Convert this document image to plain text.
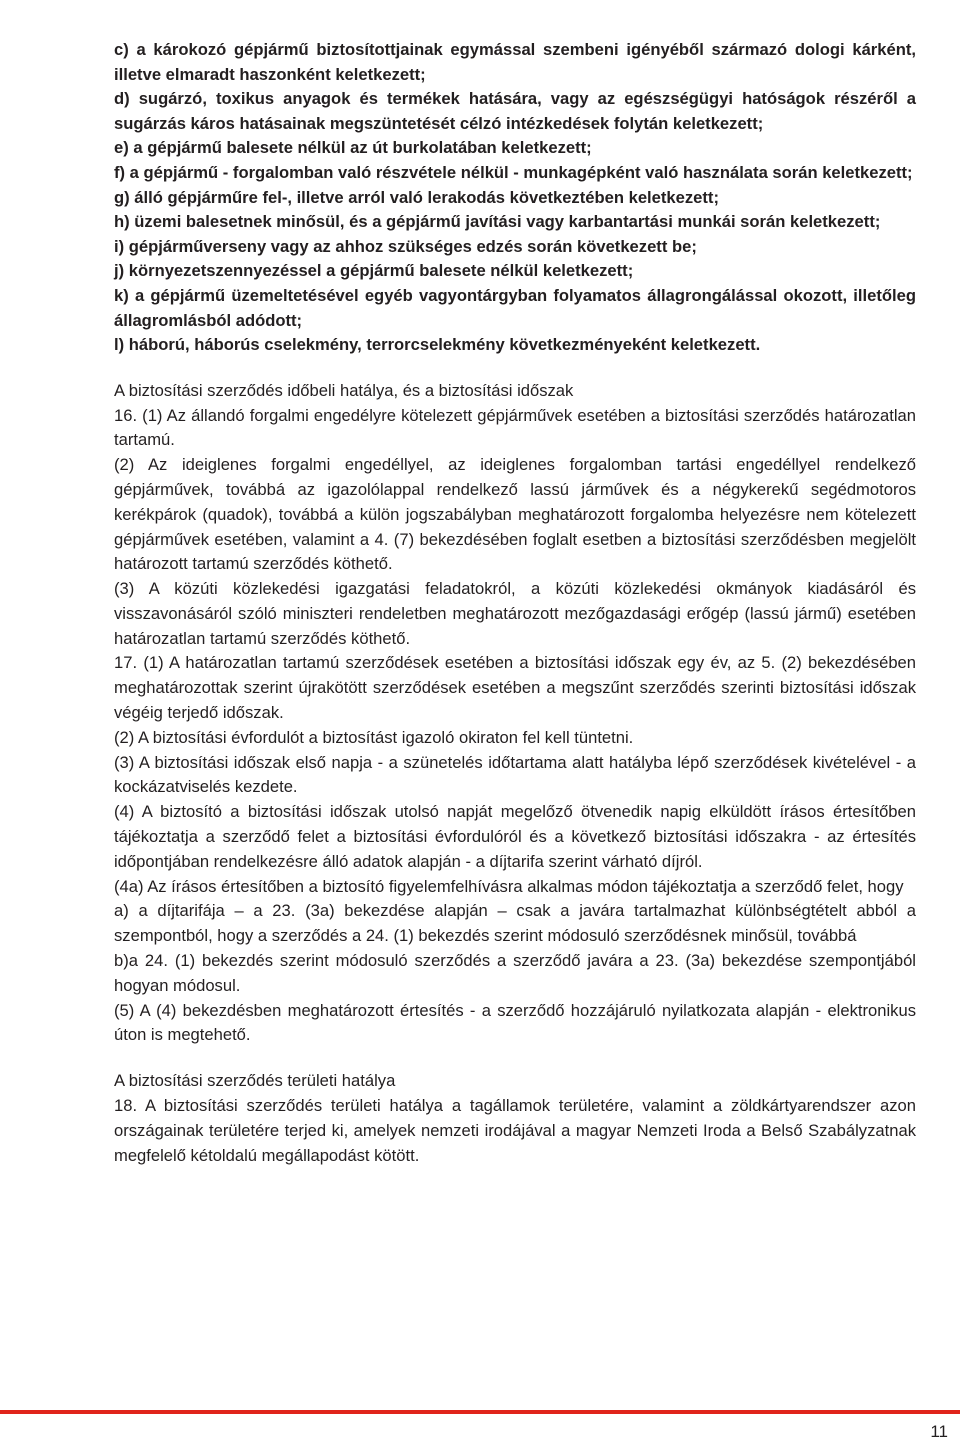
c) a károkozó gépjármű biztosítottjainak egymással szembeni igényéből származó dologi kárként, illetve elmaradt haszonként keletkezett;

d) sugárzó, toxikus anyagok és termékek hatására, vagy az egészségügyi hatóságok részéről a sugárzás káros hatásainak megszüntetését célzó intézkedések folytán keletkezett;

e) a gépjármű balesete nélkül az út burkolatában keletkezett;

f) a gépjármű - forgalomban való részvétele nélkül - munkagépként való használata során keletkezett;

g) álló gépjárműre fel-, illetve arról való lerakodás következtében keletkezett;

h) üzemi balesetnek minősül, és a gépjármű javítási vagy karbantartási munkái során keletkezett;

i) gépjárműverseny vagy az ahhoz szükséges edzés során következett be;

j) környezetszennyezéssel a gépjármű balesete nélkül keletkezett;

k) a gépjármű üzemeltetésével egyéb vagyontárgyban folyamatos állagrongálással okozott, illetőleg állagromlásból adódott;

l) háború, háborús cselekmény, terrorcselekmény következményeként keletkezett.

A biztosítási szerződés időbeli hatálya, és a biztosítási időszak

16. (1) Az állandó forgalmi engedélyre kötelezett gépjárművek esetében a biztosítási szerződés határozatlan tartamú.

(2) Az ideiglenes forgalmi engedéllyel, az ideiglenes forgalomban tartási engedéllyel rendelkező gépjárművek, továbbá az igazolólappal rendelkező lassú járművek és a négykerekű segédmotoros kerékpárok (quadok), továbbá a külön jogszabályban meghatározott forgalomba helyezésre nem kötelezett gépjárművek esetében, valamint a 4. (7) bekezdésében foglalt esetben a biztosítási szerződésben megjelölt határozott tartamú szerződés köthető.

(3) A közúti közlekedési igazgatási feladatokról, a közúti közlekedési okmányok kiadásáról és visszavonásáról szóló miniszteri rendeletben meghatározott mezőgazdasági erőgép (lassú jármű) esetében határozatlan tartamú szerződés köthető.

17. (1) A határozatlan tartamú szerződések esetében a biztosítási időszak egy év, az 5. (2) bekezdésében meghatározottak szerint újrakötött szerződések esetében a megszűnt szerződés szerinti biztosítási időszak végéig terjedő időszak.

(2) A biztosítási évfordulót a biztosítást igazoló okiraton fel kell tüntetni.

(3) A biztosítási időszak első napja - a szünetelés időtartama alatt hatályba lépő szerződések kivételével - a kockázatviselés kezdete.

(4) A biztosító a biztosítási időszak utolsó napját megelőző ötvenedik napig elküldött írásos értesítőben tájékoztatja a szerződő felet a biztosítási évfordulóról és a következő biztosítási időszakra - az értesítés időpontjában rendelkezésre álló adatok alapján - a díjtarifa szerint várható díjról.

(4a) Az írásos értesítőben a biztosító figyelemfelhívásra alkalmas módon tájékoztatja a szerződő felet, hogy

a) a díjtarifája – a 23. (3a) bekezdése alapján – csak a javára tartalmazhat különbségtételt abból a szempontból, hogy a szerződés a 24. (1) bekezdés szerint módosuló szerződésnek minősül, továbbá

b)a 24. (1) bekezdés szerint módosuló szerződés a szerződő javára a 23. (3a) bekezdése szempontjából hogyan módosul.

(5) A (4) bekezdésben meghatározott értesítés - a szerződő hozzájáruló nyilatkozata alapján - elektronikus úton is megtehető.

A biztosítási szerződés területi hatálya

18. A biztosítási szerződés területi hatálya a tagállamok területére, valamint a zöldkártyarendszer azon országainak területére terjed ki, amelyek nemzeti irodájával a magyar Nemzeti Iroda a Belső Szabályzatnak megfelelő kétoldalú megállapodást kötött.

11
